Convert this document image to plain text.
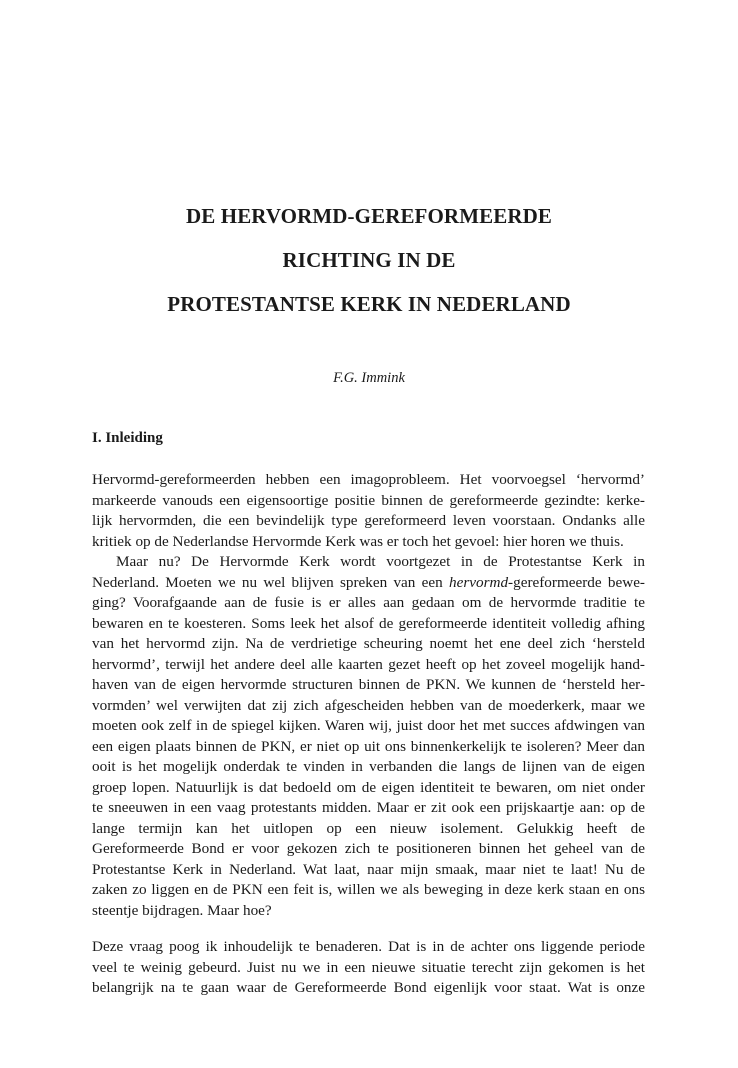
DE HERVORMD-GEREFORMEERDE
RICHTING IN DE
PROTESTANTSE KERK IN NEDERLAND
F.G. Immink
I. Inleiding
Hervormd-gereformeerden hebben een imagoprobleem. Het voorvoegsel ‘hervormd’
markeerde vanouds een eigensoortige positie binnen de gereformeerde gezindte: kerke-
lijk hervormden, die een bevindelijk type gereformeerd leven voorstaan. Ondanks alle
kritiek op de Nederlandse Hervormde Kerk was er toch het gevoel: hier horen we thuis.
Maar nu? De Hervormde Kerk wordt voortgezet in de Protestantse Kerk in
Nederland. Moeten we nu wel blijven spreken van een hervormd-gereformeerde bewe-
ging? Voorafgaande aan de fusie is er alles aan gedaan om de hervormde traditie te
bewaren en te koesteren. Soms leek het alsof de gereformeerde identiteit volledig afhing
van het hervormd zijn. Na de verdrietige scheuring noemt het ene deel zich ‘hersteld
hervormd’, terwijl het andere deel alle kaarten gezet heeft op het zoveel mogelijk hand-
haven van de eigen hervormde structuren binnen de PKN. We kunnen de ‘hersteld her-
vormden’ wel verwijten dat zij zich afgescheiden hebben van de moederkerk, maar we
moeten ook zelf in de spiegel kijken. Waren wij, juist door het met succes afdwingen van
een eigen plaats binnen de PKN, er niet op uit ons binnenkerkelijk te isoleren? Meer dan
ooit is het mogelijk onderdak te vinden in verbanden die langs de lijnen van de eigen
groep lopen. Natuurlijk is dat bedoeld om de eigen identiteit te bewaren, om niet onder
te sneeuwen in een vaag protestants midden. Maar er zit ook een prijskaartje aan: op de
lange termijn kan het uitlopen op een nieuw isolement. Gelukkig heeft de
Gereformeerde Bond er voor gekozen zich te positioneren binnen het geheel van de
Protestantse Kerk in Nederland. Wat laat, naar mijn smaak, maar niet te laat! Nu de
zaken zo liggen en de PKN een feit is, willen we als beweging in deze kerk staan en ons
steentje bijdragen. Maar hoe?
Deze vraag poog ik inhoudelijk te benaderen. Dat is in de achter ons liggende periode
veel te weinig gebeurd. Juist nu we in een nieuwe situatie terecht zijn gekomen is het
belangrijk na te gaan waar de Gereformeerde Bond eigenlijk voor staat. Wat is onze
